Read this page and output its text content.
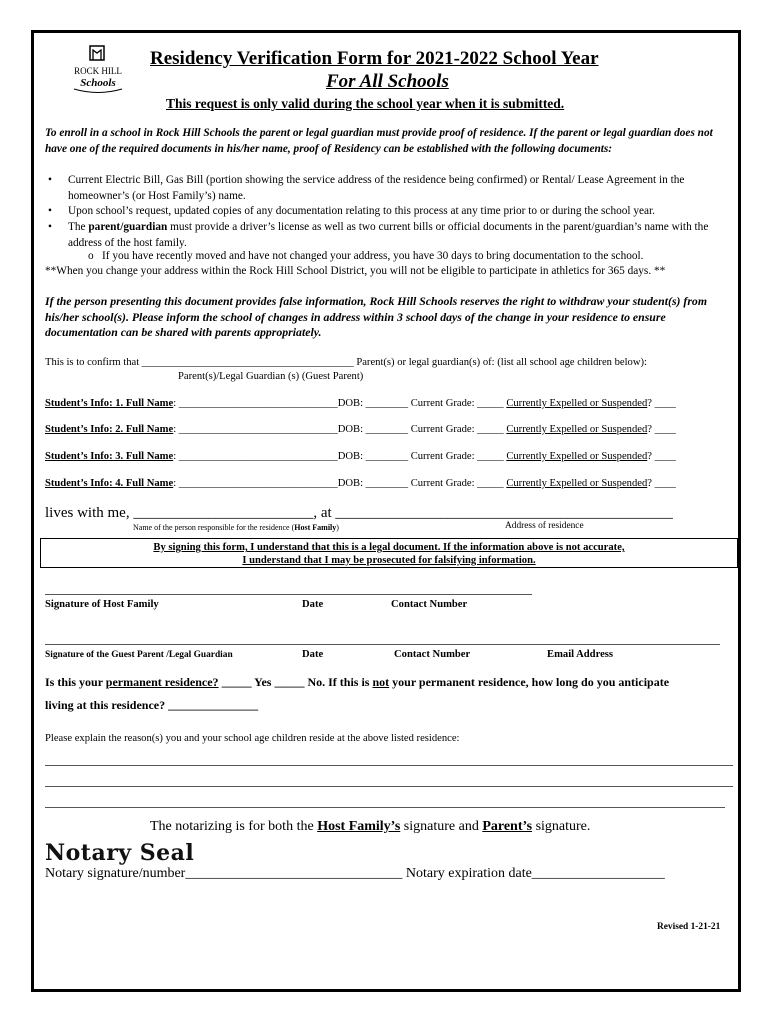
ROCK HILL
Schools
Residency Verification Form for 2021-2022 School Year
For All Schools
This request is only valid during the school year when it is submitted.
To enroll in a school in Rock Hill Schools the parent or legal guardian must provide proof of residence. If the parent or legal guardian does not have one of the required documents in his/her name, proof of Residency can be established with the following documents:
• Current Electric Bill, Gas Bill (portion showing the service address of the residence being confirmed) or Rental/ Lease Agreement in the homeowner’s (or Host Family’s) name.
• Upon school’s request, updated copies of any documentation relating to this process at any time prior to or during the school year.
• The parent/guardian must provide a driver’s license as well as two current bills or official documents in the parent/guardian’s name with the address of the host family.
o If you have recently moved and have not changed your address, you have 30 days to bring documentation to the school.
**When you change your address within the Rock Hill School District, you will not be eligible to participate in athletics for 365 days. **
If the person presenting this document provides false information, Rock Hill Schools reserves the right to withdraw your student(s) from his/her school(s). Please inform the school of changes in address within 3 school days of the change in your residence to ensure documentation can be shared with parents appropriately.
This is to confirm that ________________________________________ Parent(s) or legal guardian(s) of: (list all school age children below):
Parent(s)/Legal Guardian (s) (Guest Parent)
Student’s Info: 1. Full Name: ______________________________DOB: ________ Current Grade: _____ Currently Expelled or Suspended? ____
Student’s Info: 2. Full Name: ______________________________DOB: ________ Current Grade: _____ Currently Expelled or Suspended? ____
Student’s Info: 3. Full Name: ______________________________DOB: ________ Current Grade: _____ Currently Expelled or Suspended? ____
Student’s Info: 4. Full Name: ______________________________DOB: ________ Current Grade: _____ Currently Expelled or Suspended? ____
lives with me, ________________________, at _____________________________________________
Name of the person responsible for the residence (Host Family)	Address of residence
By signing this form, I understand that this is a legal document. If the information above is not accurate,
I understand that I may be prosecuted for falsifying information.
Signature of Host Family	Date	Contact Number
Signature of the Guest Parent /Legal Guardian	Date	Contact Number	Email Address
Is this your permanent residence? _____ Yes _____ No. If this is not your permanent residence, how long do you anticipate
living at this residence? _______________
Please explain the reason(s) you and your school age children reside at the above listed residence:
The notarizing is for both the Host Family’s signature and Parent’s signature.
Notary Seal
Notary signature/number_______________________________ Notary expiration date___________________
Revised 1-21-21
